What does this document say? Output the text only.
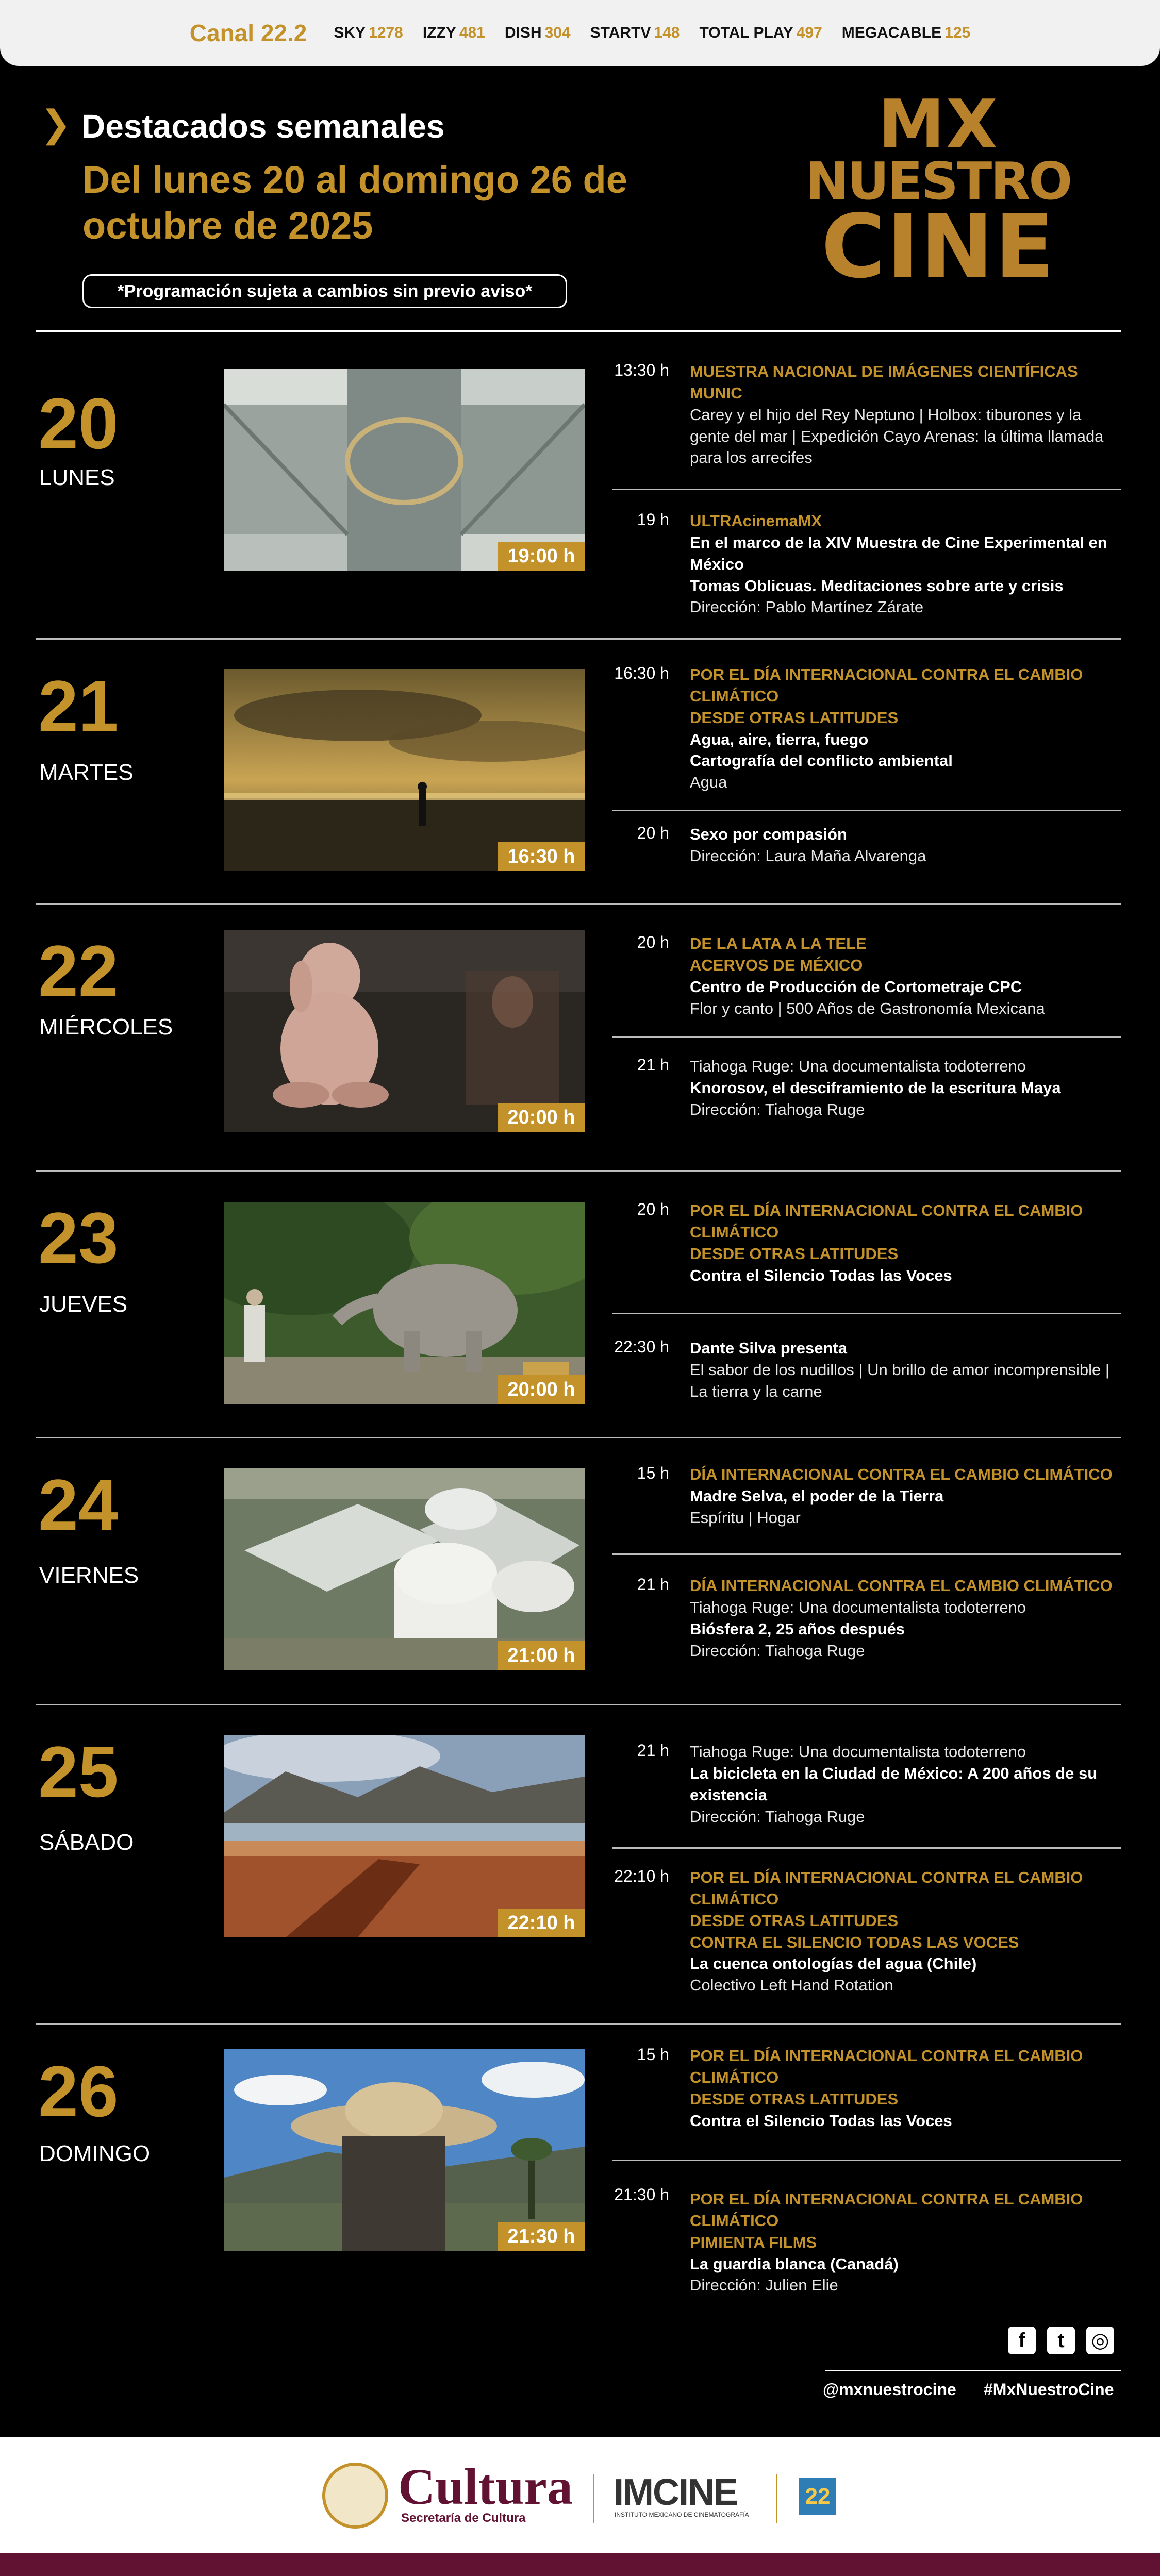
Canal 22.2 SKY 1278 IZZY 481 DISH 304 STARTV 148 TOTAL PLAY 497 MEGACABLE 125
❯ Destacados semanales
Del lunes 20 al domingo 26 de octubre de 2025
*Programación sujeta a cambios sin previo aviso*
MX
NUESTRO
CINE
20
LUNES
19:00 h
13:30 h MUESTRA NACIONAL DE IMÁGENES CIENTÍFICAS MUNIC
Carey y el hijo del Rey Neptuno | Holbox: tiburones y la gente del mar | Expedición Cayo Arenas: la última llamada para los arrecifes
19 h ULTRAcinemaMX
En el marco de la XIV Muestra de Cine Experimental en México
Tomas Oblicuas. Meditaciones sobre arte y crisis
Dirección: Pablo Martínez Zárate
21
MARTES
16:30 h
16:30 h POR EL DÍA INTERNACIONAL CONTRA EL CAMBIO CLIMÁTICO
DESDE OTRAS LATITUDES
Agua, aire, tierra, fuego
Cartografía del conflicto ambiental
Agua
20 h Sexo por compasión
Dirección: Laura Maña Alvarenga
22
MIÉRCOLES
20:00 h
20 h DE LA LATA A LA TELE
ACERVOS DE MÉXICO
Centro de Producción de Cortometraje CPC
Flor y canto | 500 Años de Gastronomía Mexicana
21 h Tiahoga Ruge: Una documentalista todoterreno
Knorosov, el desciframiento de la escritura Maya
Dirección: Tiahoga Ruge
23
JUEVES
20:00 h
20 h POR EL DÍA INTERNACIONAL CONTRA EL CAMBIO CLIMÁTICO
DESDE OTRAS LATITUDES
Contra el Silencio Todas las Voces
22:30 h Dante Silva presenta
El sabor de los nudillos | Un brillo de amor incomprensible | La tierra y la carne
24
VIERNES
21:00 h
15 h DÍA INTERNACIONAL CONTRA EL CAMBIO CLIMÁTICO
Madre Selva, el poder de la Tierra
Espíritu | Hogar
21 h DÍA INTERNACIONAL CONTRA EL CAMBIO CLIMÁTICO
Tiahoga Ruge: Una documentalista todoterreno
Biósfera 2, 25 años después
Dirección: Tiahoga Ruge
25
SÁBADO
22:10 h
21 h Tiahoga Ruge: Una documentalista todoterreno
La bicicleta en la Ciudad de México: A 200 años de su existencia
Dirección: Tiahoga Ruge
22:10 h POR EL DÍA INTERNACIONAL CONTRA EL CAMBIO CLIMÁTICO
DESDE OTRAS LATITUDES
CONTRA EL SILENCIO TODAS LAS VOCES
La cuenca ontologías del agua (Chile)
Colectivo Left Hand Rotation
26
DOMINGO
21:30 h
15 h POR EL DÍA INTERNACIONAL CONTRA EL CAMBIO CLIMÁTICO
DESDE OTRAS LATITUDES
Contra el Silencio Todas las Voces
21:30 h POR EL DÍA INTERNACIONAL CONTRA EL CAMBIO CLIMÁTICO
PIMIENTA FILMS
La guardia blanca (Canadá)
Dirección: Julien Elie
f	t	◎
@mxnuestrocine #MxNuestroCine
Cultura
Secretaría de Cultura
IMCINE
INSTITUTO MEXICANO DE CINEMATOGRAFÍA
22
